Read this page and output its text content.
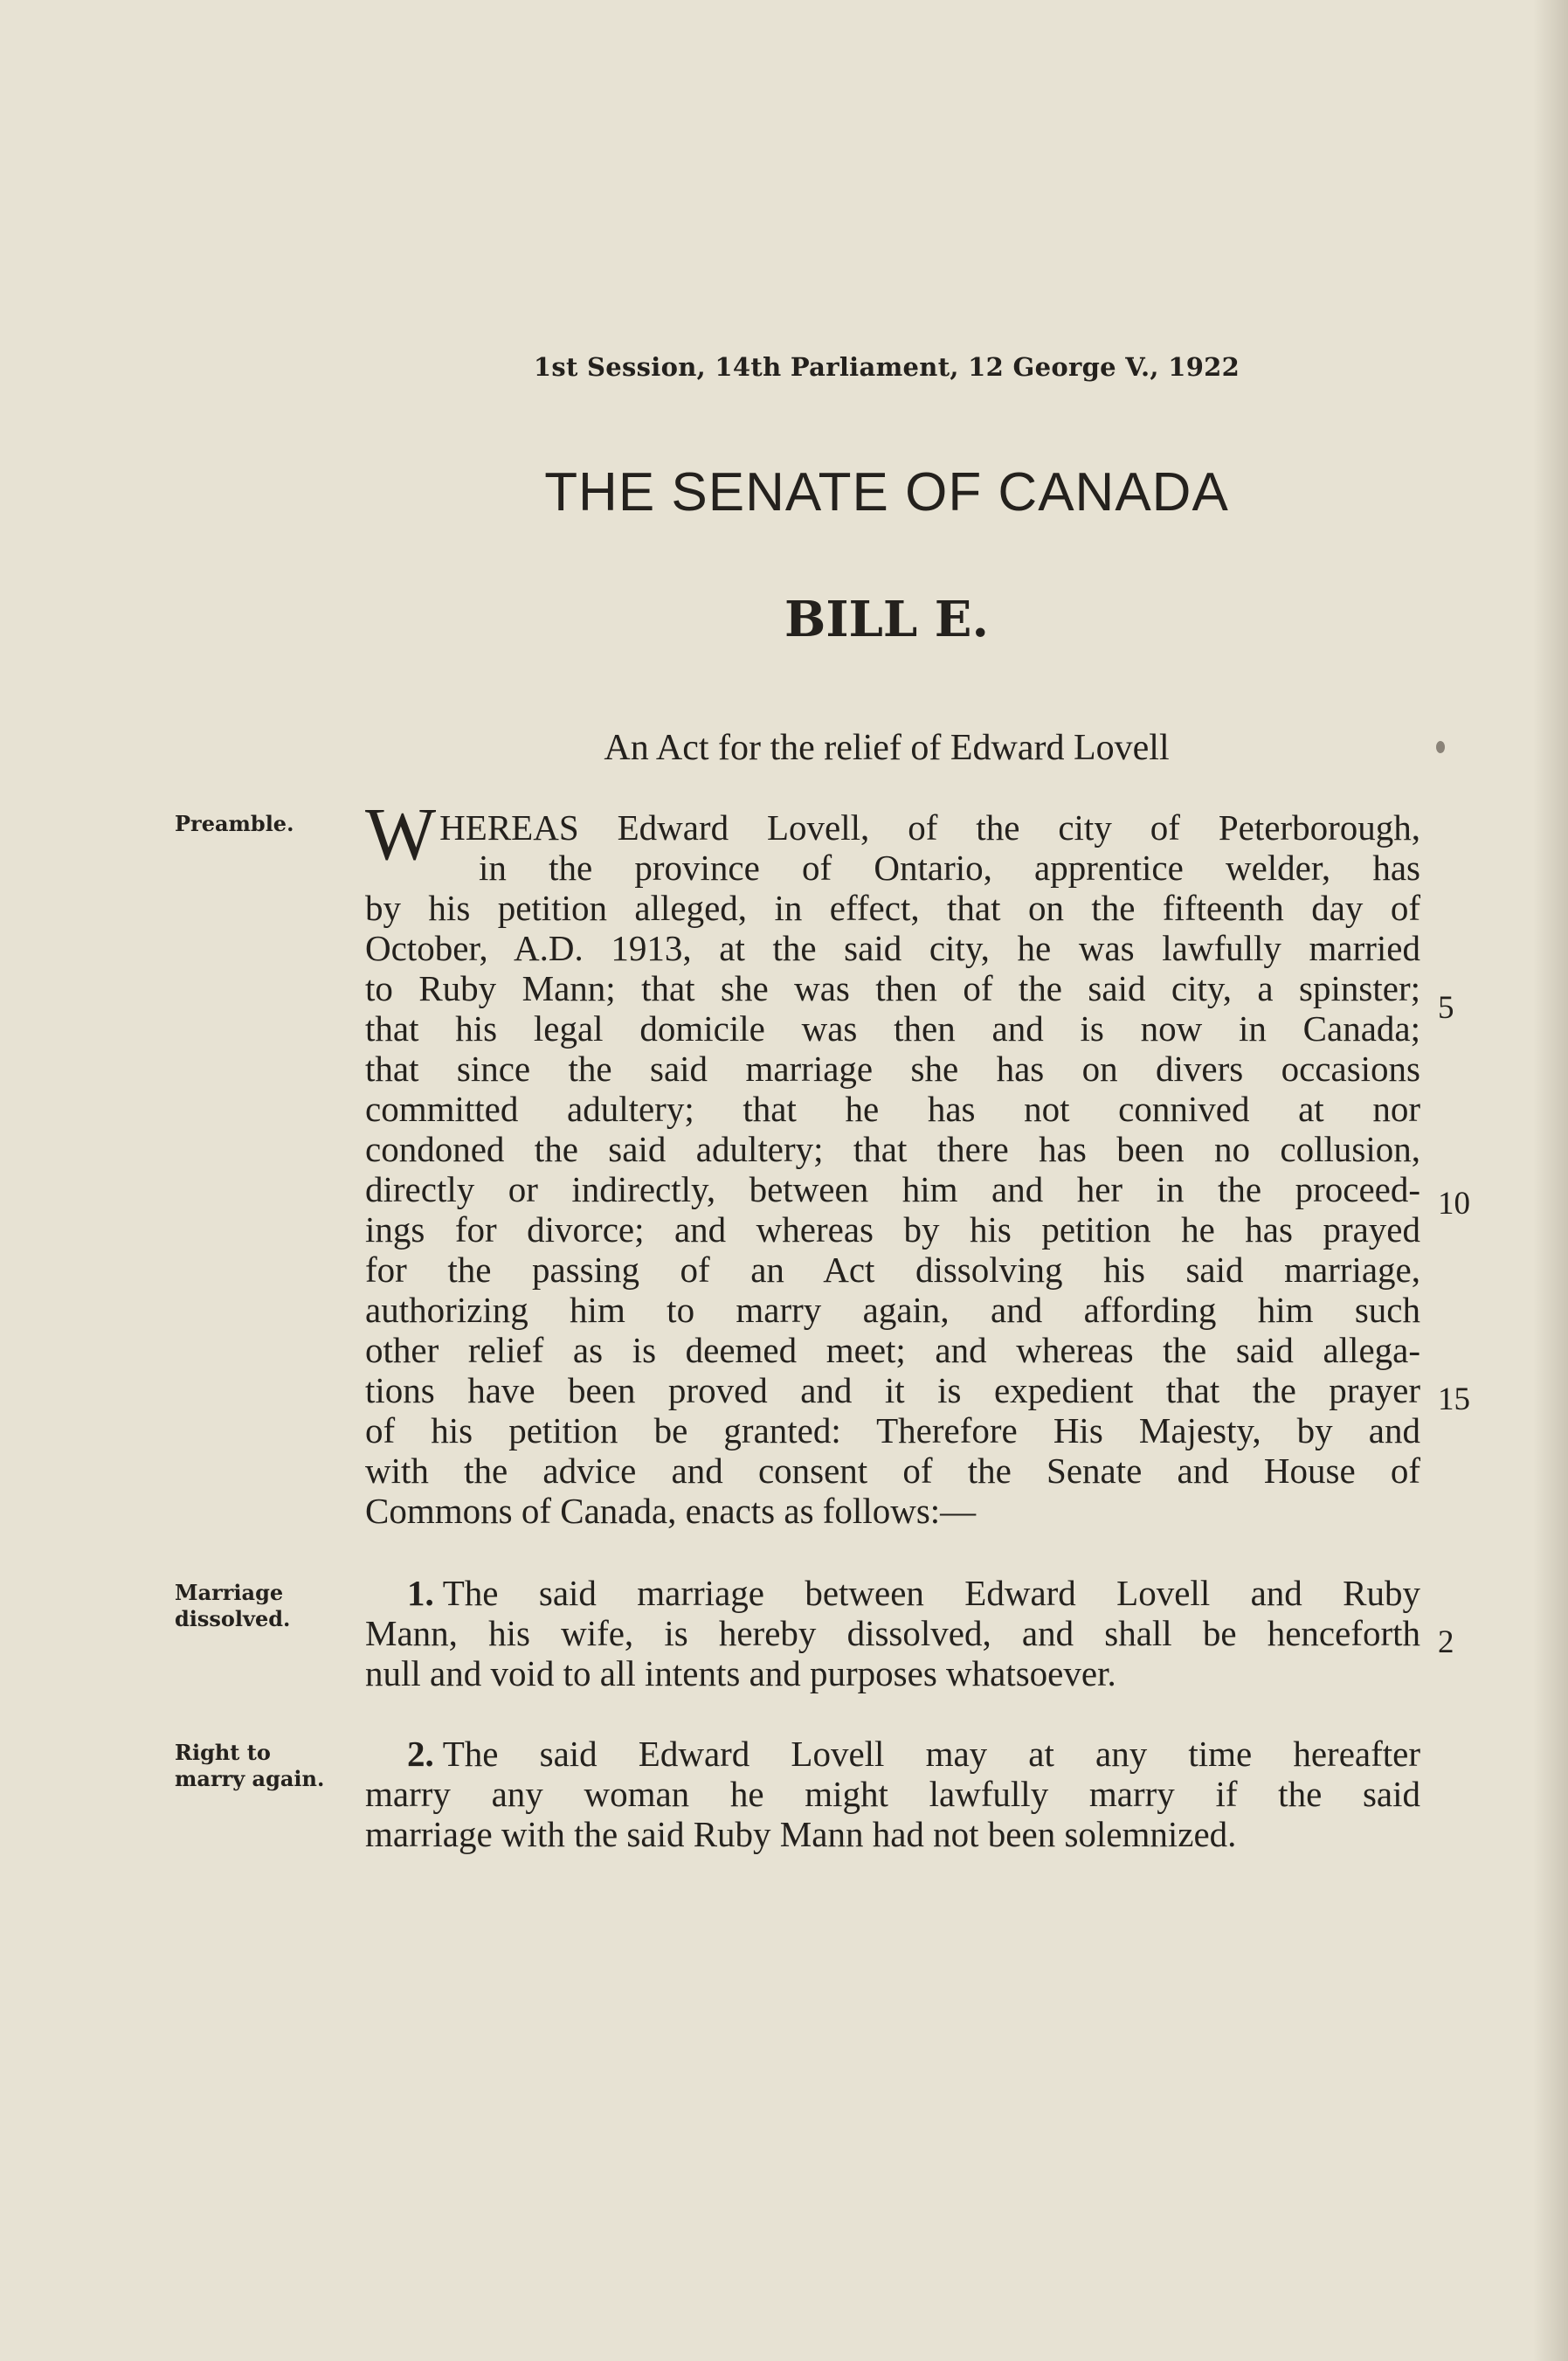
1st Session, 14th Parliament, 12 George V., 1922
THE SENATE OF CANADA
BILL E.
An Act for the relief of Edward Lovell
Preamble.
Marriage
dissolved.
Right to
marry again.
WHEREAS Edward Lovell, of the city of Peterborough,
in the province of Ontario, apprentice welder, has
by his petition alleged, in effect, that on the fifteenth day of
October, A.D. 1913, at the said city, he was lawfully married
to Ruby Mann; that she was then of the said city, a spinster;
that his legal domicile was then and is now in Canada;
that since the said marriage she has on divers occasions
committed adultery; that he has not connived at nor
condoned the said adultery; that there has been no collusion,
directly or indirectly, between him and her in the proceed-
ings for divorce; and whereas by his petition he has prayed
for the passing of an Act dissolving his said marriage,
authorizing him to marry again, and affording him such
other relief as is deemed meet; and whereas the said allega-
tions have been proved and it is expedient that the prayer
of his petition be granted: Therefore His Majesty, by and
with the advice and consent of the Senate and House of
Commons of Canada, enacts as follows:—
1. The said marriage between Edward Lovell and Ruby
Mann, his wife, is hereby dissolved, and shall be henceforth
null and void to all intents and purposes whatsoever.
2. The said Edward Lovell may at any time hereafter
marry any woman he might lawfully marry if the said
marriage with the said Ruby Mann had not been solemnized.
5
10
15
2
